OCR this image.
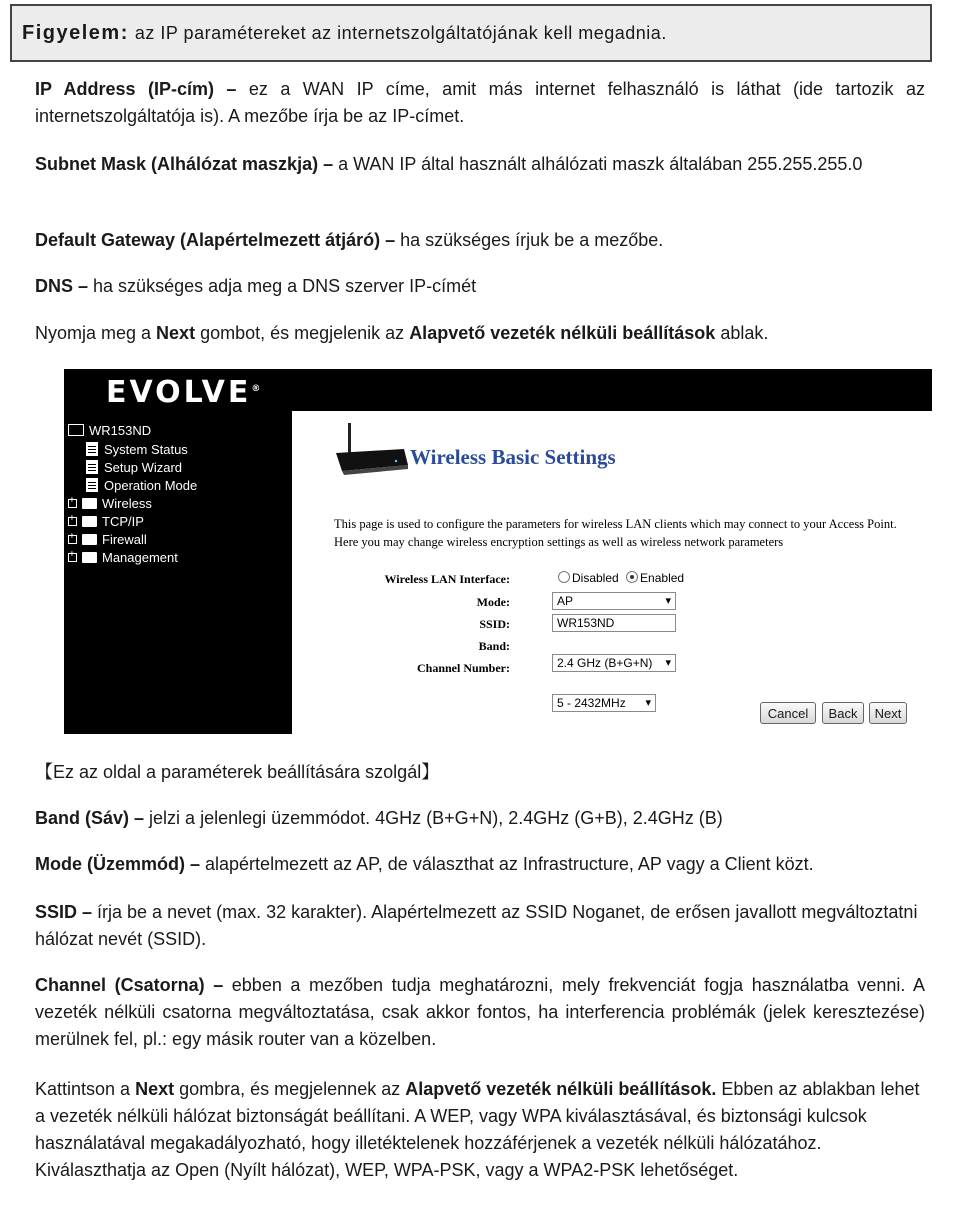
Figyelem: az IP paramétereket az internetszolgáltatójának kell megadnia.

IP Address (IP-cím) – ez a WAN IP címe, amit más internet felhasználó is láthat (ide tartozik az internetszolgáltatója is). A mezőbe írja be az IP-címet.

Subnet Mask (Alhálózat maszkja) – a WAN IP által használt alhálózati maszk általában 255.255.255.0

Default Gateway (Alapértelmezett átjáró) – ha szükséges írjuk be a mezőbe.

DNS – ha szükséges adja meg a DNS szerver IP-címét

Nyomja meg a Next gombot, és megjelenik az Alapvető vezeték nélküli beállítások ablak.

EVOLVE®
WR153ND
System Status
Setup Wizard
Operation Mode
+
Wireless
+
TCP/IP
+
Firewall
+
Management
Wireless Basic Settings
This page is used to configure the parameters for wireless LAN clients which may connect to your Access Point. Here you may change wireless encryption settings as well as wireless network parameters
Wireless LAN Interface:	Disabled Enabled
Mode:	AP ▾
SSID:	WR153ND
Band:
2.4 GHz (B+G+N) ▾
Channel Number:
5 - 2432MHz ▾
Cancel	Back	Next
【Ez az oldal a paraméterek beállítására szolgál】

Band (Sáv) – jelzi a jelenlegi üzemmódot. 4GHz (B+G+N), 2.4GHz (G+B), 2.4GHz (B)

Mode (Üzemmód) – alapértelmezett az AP, de választhat az Infrastructure, AP vagy a Client közt.

SSID – írja be a nevet (max. 32 karakter). Alapértelmezett az SSID Noganet, de erősen javallott megváltoztatni hálózat nevét (SSID).

Channel (Csatorna) – ebben a mezőben tudja meghatározni, mely frekvenciát fogja használatba venni. A vezeték nélküli csatorna megváltoztatása, csak akkor fontos, ha interferencia problémák (jelek keresztezése) merülnek fel, pl.: egy másik router van a közelben.

Kattintson a Next gombra, és megjelennek az Alapvető vezeték nélküli beállítások. Ebben az ablakban lehet a vezeték nélküli hálózat biztonságát beállítani. A WEP, vagy WPA kiválasztásával, és biztonsági kulcsok használatával megakadályozható, hogy illetéktelenek hozzáférjenek a vezeték nélküli hálózatához. Kiválaszthatja az Open (Nyílt hálózat), WEP, WPA-PSK, vagy a WPA2-PSK lehetőséget.
